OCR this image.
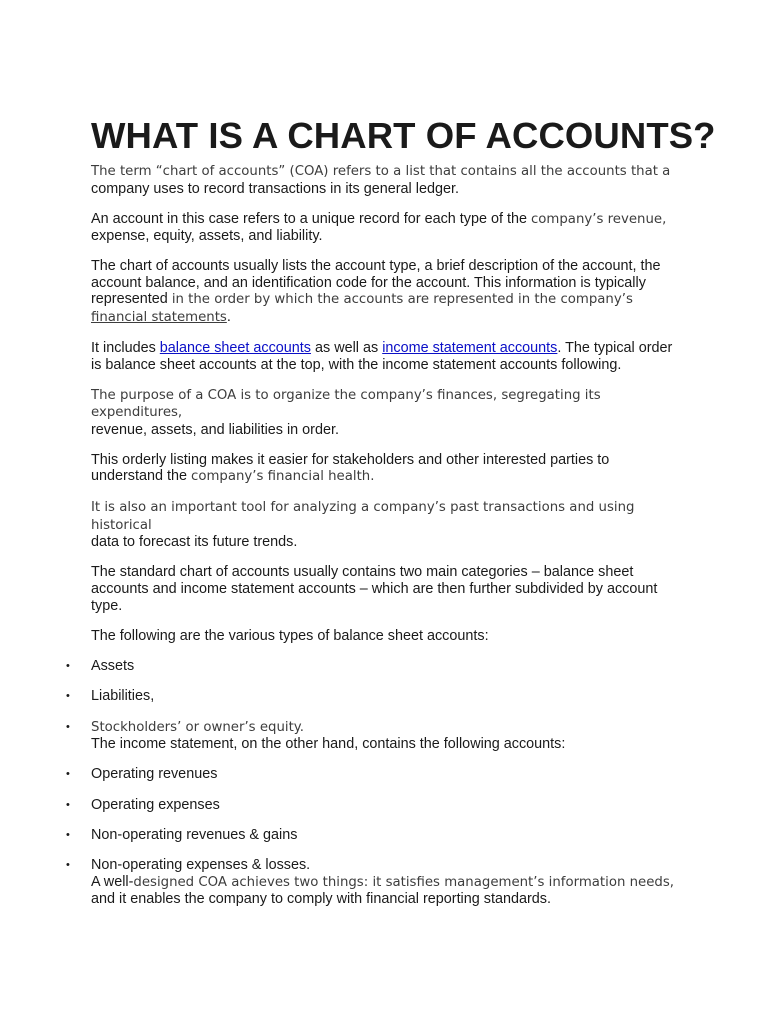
WHAT IS A CHART OF ACCOUNTS?

The term “chart of accounts” (COA) refers to a list that contains all the accounts that a
company uses to record transactions in its general ledger.

An account in this case refers to a unique record for each type of the company’s revenue,
expense, equity, assets, and liability.

The chart of accounts usually lists the account type, a brief description of the account, the account balance, and an identification code for the account. This information is typically represented in the order by which the accounts are represented in the company’s financial statements.

It includes balance sheet accounts as well as income statement accounts. The typical order is balance sheet accounts at the top, with the income statement accounts following.

The purpose of a COA is to organize the company’s finances, segregating its expenditures,
revenue, assets, and liabilities in order.

This orderly listing makes it easier for stakeholders and other interested parties to understand the company’s financial health.

It is also an important tool for analyzing a company’s past transactions and using historical
data to forecast its future trends.

The standard chart of accounts usually contains two main categories – balance sheet accounts and income statement accounts – which are then further subdivided by account type.

The following are the various types of balance sheet accounts:

• Assets
• Liabilities,
• Stockholders’ or owner’s equity.
The income statement, on the other hand, contains the following accounts:
• Operating revenues
• Operating expenses
• Non-operating revenues & gains
• Non-operating expenses & losses.
A well-designed COA achieves two things: it satisfies management’s information needs,
and it enables the company to comply with financial reporting standards.
